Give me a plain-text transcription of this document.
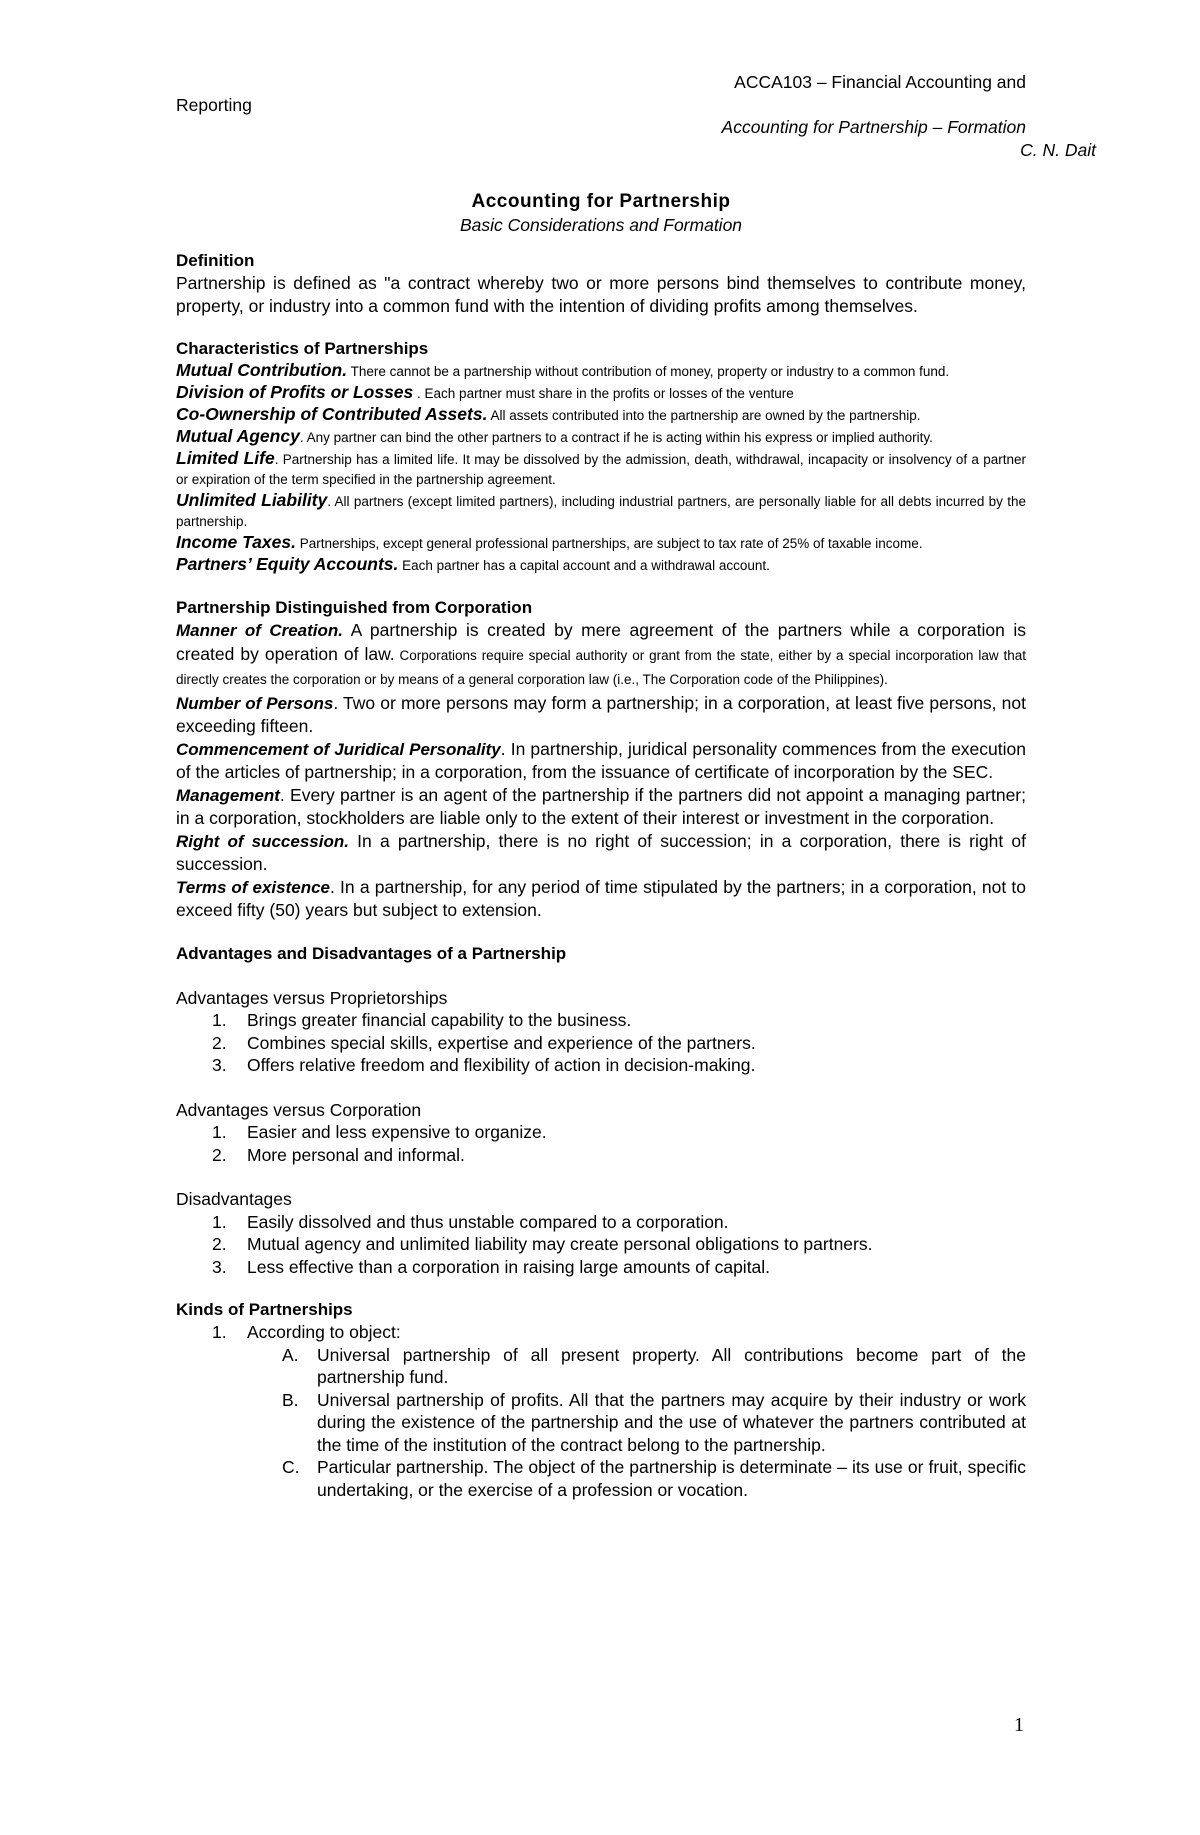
ACCA103 – Financial Accounting and
Reporting
Accounting for Partnership – Formation
C. N. Dait
Accounting for Partnership
Basic Considerations and Formation
Definition

Partnership is defined as "a contract whereby two or more persons bind themselves to contribute money, property, or industry into a common fund with the intention of dividing profits among themselves.

Characteristics of Partnerships

Mutual Contribution. There cannot be a partnership without contribution of money, property or industry to a common fund.

Division of Profits or Losses . Each partner must share in the profits or losses of the venture

Co-Ownership of Contributed Assets. All assets contributed into the partnership are owned by the partnership.

Mutual Agency. Any partner can bind the other partners to a contract if he is acting within his express or implied authority.

Limited Life. Partnership has a limited life. It may be dissolved by the admission, death, withdrawal, incapacity or insolvency of a partner or expiration of the term specified in the partnership agreement.

Unlimited Liability. All partners (except limited partners), including industrial partners, are personally liable for all debts incurred by the partnership.

Income Taxes. Partnerships, except general professional partnerships, are subject to tax rate of 25% of taxable income.

Partners’ Equity Accounts. Each partner has a capital account and a withdrawal account.

Partnership Distinguished from Corporation

Manner of Creation. A partnership is created by mere agreement of the partners while a corporation is created by operation of law. Corporations require special authority or grant from the state, either by a special incorporation law that directly creates the corporation or by means of a general corporation law (i.e., The Corporation code of the Philippines).

Number of Persons. Two or more persons may form a partnership; in a corporation, at least five persons, not exceeding fifteen.

Commencement of Juridical Personality. In partnership, juridical personality commences from the execution of the articles of partnership; in a corporation, from the issuance of certificate of incorporation by the SEC.

Management. Every partner is an agent of the partnership if the partners did not appoint a managing partner; in a corporation, stockholders are liable only to the extent of their interest or investment in the corporation.

Right of succession. In a partnership, there is no right of succession; in a corporation, there is right of succession.

Terms of existence. In a partnership, for any period of time stipulated by the partners; in a corporation, not to exceed fifty (50) years but subject to extension.

Advantages and Disadvantages of a Partnership
Advantages versus Proprietorships
1. Brings greater financial capability to the business.
2. Combines special skills, expertise and experience of the partners.
3. Offers relative freedom and flexibility of action in decision-making.
Advantages versus Corporation
1. Easier and less expensive to organize.
2. More personal and informal.
Disadvantages
1. Easily dissolved and thus unstable compared to a corporation.
2. Mutual agency and unlimited liability may create personal obligations to partners.
3. Less effective than a corporation in raising large amounts of capital.
Kinds of Partnerships
1. According to object:
A. Universal partnership of all present property. All contributions become part of the partnership fund.
B. Universal partnership of profits. All that the partners may acquire by their industry or work during the existence of the partnership and the use of whatever the partners contributed at the time of the institution of the contract belong to the partnership.
C. Particular partnership. The object of the partnership is determinate – its use or fruit, specific undertaking, or the exercise of a profession or vocation.
1
